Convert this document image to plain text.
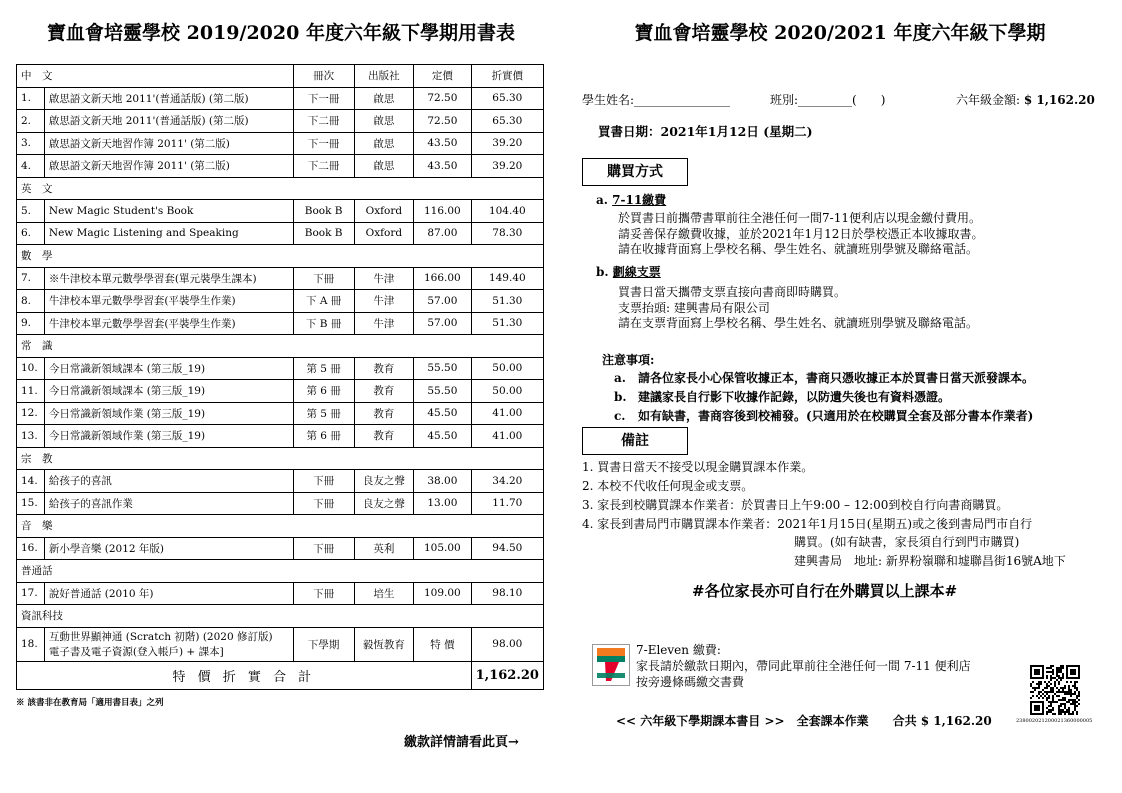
寶血會培靈學校 2019/2020 年度六年級下學期用書表
中　文		冊次	出版社	定價	折實價
1.	啟思語文新天地 2011'(普通話版) (第二版)	下一冊	啟思	72.50	65.30
2.	啟思語文新天地 2011'(普通話版) (第二版)	下二冊	啟思	72.50	65.30
3.	啟思語文新天地習作簿 2011' (第二版)	下一冊	啟思	43.50	39.20
4.	啟思語文新天地習作簿 2011' (第二版)	下二冊	啟思	43.50	39.20
英　文					
5.	New Magic Student's Book	Book B	Oxford	116.00	104.40
6.	New Magic Listening and Speaking	Book B	Oxford	87.00	78.30
數　學					
7.	※牛津校本單元數學學習套(單元裝學生課本)	下冊	牛津	166.00	149.40
8.	牛津校本單元數學學習套(平裝學生作業)	下 A 冊	牛津	57.00	51.30
9.	牛津校本單元數學學習套(平裝學生作業)	下 B 冊	牛津	57.00	51.30
常　識					
10.	今日常識新領域課本 (第三版_19)	第 5 冊	教育	55.50	50.00
11.	今日常識新領域課本 (第三版_19)	第 6 冊	教育	55.50	50.00
12.	今日常識新領域作業 (第三版_19)	第 5 冊	教育	45.50	41.00
13.	今日常識新領域作業 (第三版_19)	第 6 冊	教育	45.50	41.00
宗　教					
14.	給孩子的喜訊	下冊	良友之聲	38.00	34.20
15.	給孩子的喜訊作業	下冊	良友之聲	13.00	11.70
音　樂					
16.	新小學音樂 (2012 年版)	下冊	英利	105.00	94.50
普通話					
17.	說好普通話 (2010 年)	下冊	培生	109.00	98.10
資訊科技					
18.	互動世界顯神通 (Scratch 初階) (2020 修訂版)
電子書及電子資源(登入帳戶) + 課本]	下學期	毅恆教育	特 價	98.00
特 價 折 實 合 計					1,162.20
※ 該書非在教育局「適用書目表」之列
繳款詳情請看此頁→
寶血會培靈學校 2020/2021 年度六年級下學期
學生姓名:________________	班別:_________(　　)	六年級金額: $ 1,162.20
買書日期：2021年1月12日 (星期二)
購買方式
a. 7-11繳費
於買書日前攜帶書單前往全港任何一間7-11便利店以現金繳付費用。
請妥善保存繳費收據，並於2021年1月12日於學校憑正本收據取書。
請在收據背面寫上學校名稱、學生姓名、就讀班別學號及聯絡電話。
b. 劃線支票
買書日當天攜帶支票直接向書商即時購買。
支票抬頭: 建興書局有限公司
請在支票背面寫上學校名稱、學生姓名、就讀班別學號及聯絡電話。
注意事項:
a. 請各位家長小心保管收據正本，書商只憑收據正本於買書日當天派發課本。
b. 建議家長自行影下收據作記錄，以防遺失後也有資料憑證。
c. 如有缺書，書商容後到校補發。(只適用於在校購買全套及部分書本作業者)
備註
1. 買書日當天不接受以現金購買課本作業。
2. 本校不代收任何現金或支票。
3. 家長到校購買課本作業者：於買書日上午9:00 – 12:00到校自行向書商購買。
4. 家長到書局門市購買課本作業者：2021年1月15日(星期五)或之後到書局門市自行
購買。(如有缺書，家長須自行到門市購買)
建興書局　地址: 新界粉嶺聯和墟聯昌街16號A地下
#各位家長亦可自行在外購買以上課本#
7-Eleven 繳費:
家長請於繳款日期內，帶同此單前往全港任何一間 7-11 便利店
按旁邊條碼繳交書費
238002021200021360000005
<< 六年級下學期課本書目 >>　全套課本作業　　合共 $ 1,162.20
